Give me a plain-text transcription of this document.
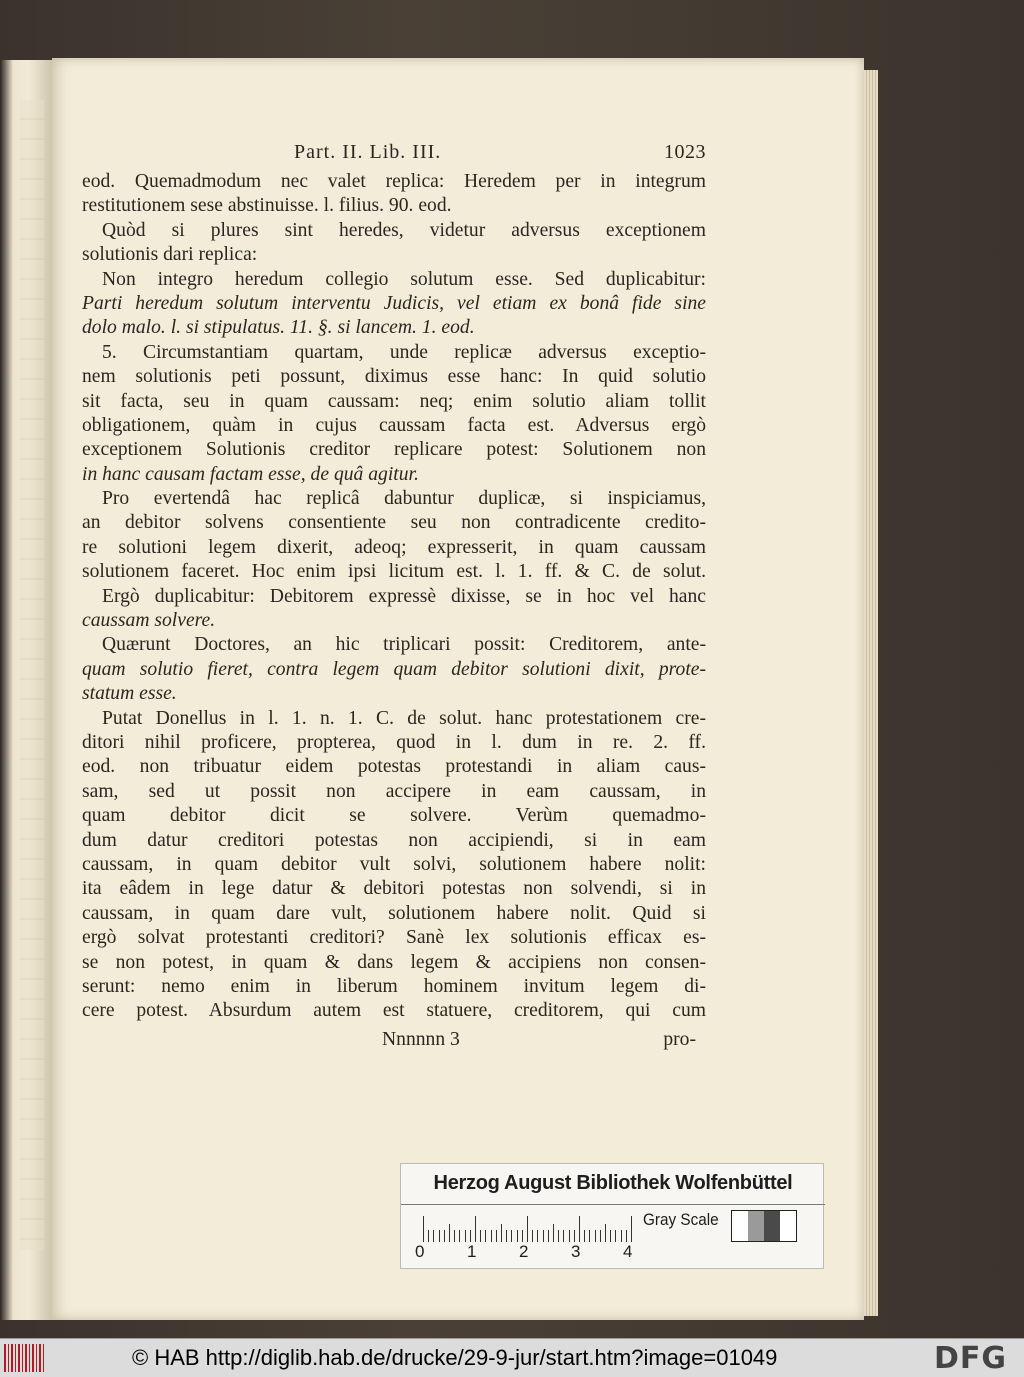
Part. II. Lib. III.	1023
eod. Quemadmodum nec valet replica: Heredem per in integrum
restitutionem sese abstinuisse. l. filius. 90. eod.
Quòd si plures sint heredes, videtur adversus exceptionem
solutionis dari replica:
Non integro heredum collegio solutum esse. Sed duplicabitur:
Parti heredum solutum interventu Judicis, vel etiam ex bonâ fide sine
dolo malo. l. si stipulatus. 11. §. si lancem. 1. eod.
5. Circumstantiam quartam, unde replicæ adversus exceptio-
nem solutionis peti possunt, diximus esse hanc: In quid solutio
sit facta, seu in quam caussam: neq; enim solutio aliam tollit
obligationem, quàm in cujus caussam facta est. Adversus ergò
exceptionem Solutionis creditor replicare potest: Solutionem non
in hanc causam factam esse, de quâ agitur.
Pro evertendâ hac replicâ dabuntur duplicæ, si inspiciamus,
an debitor solvens consentiente seu non contradicente credito-
re solutioni legem dixerit, adeoq; expresserit, in quam caussam
solutionem faceret. Hoc enim ipsi licitum est. l. 1. ff. & C. de solut.
Ergò duplicabitur: Debitorem expressè dixisse, se in hoc vel hanc
caussam solvere.
Quærunt Doctores, an hic triplicari possit: Creditorem, ante-
quam solutio fieret, contra legem quam debitor solutioni dixit, prote-
statum esse.
Putat Donellus in l. 1. n. 1. C. de solut. hanc protestationem cre-
ditori nihil proficere, propterea, quod in l. dum in re. 2. ff.
eod. non tribuatur eidem potestas protestandi in aliam caus-
sam, sed ut possit non accipere in eam caussam, in
quam debitor dicit se solvere. Verùm quemadmo-
dum datur creditori potestas non accipiendi, si in eam
caussam, in quam debitor vult solvi, solutionem habere nolit:
ita eâdem in lege datur & debitori potestas non solvendi, si in
caussam, in quam dare vult, solutionem habere nolit. Quid si
ergò solvat protestanti creditori? Sanè lex solutionis efficax es-
se non potest, in quam & dans legem & accipiens non consen-
serunt: nemo enim in liberum hominem invitum legem di-
cere potest. Absurdum autem est statuere, creditorem, qui cum
Nnnnnn 3	pro-
Herzog August Bibliothek Wolfenbüttel
0	1	2	3	4
Gray Scale
© HAB http://diglib.hab.de/drucke/29-9-jur/start.htm?image=01049	DFG
